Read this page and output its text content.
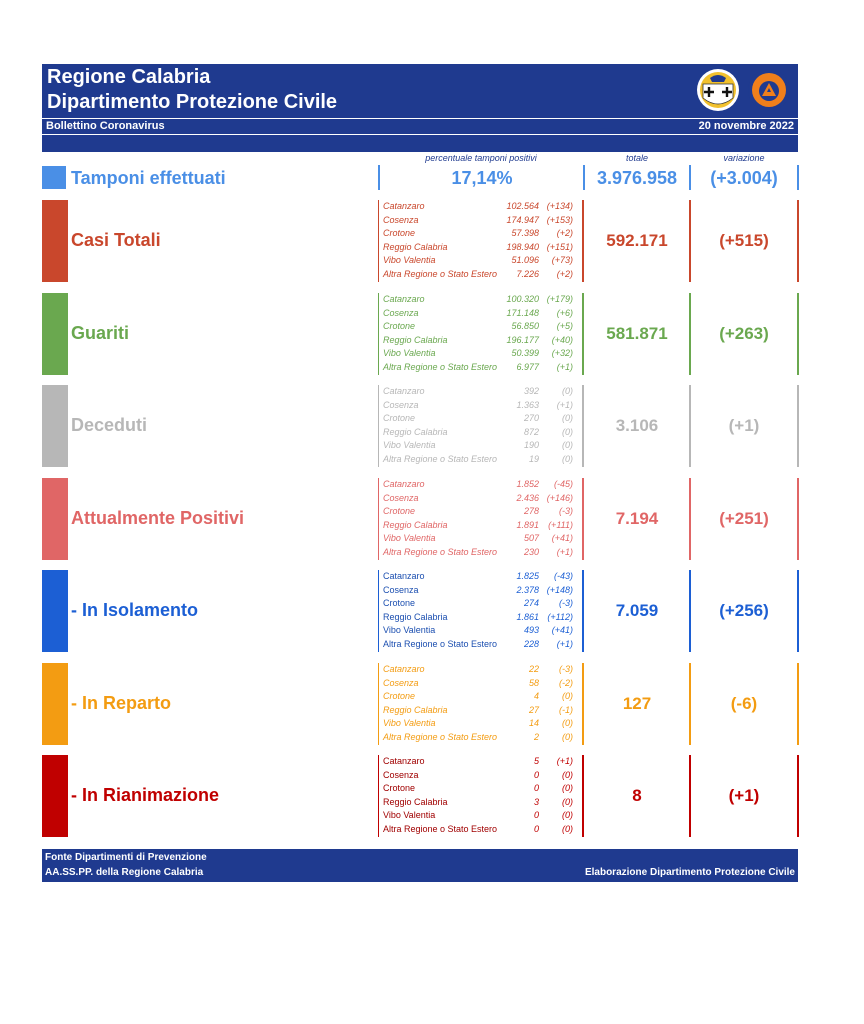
Regione Calabria
Dipartimento Protezione Civile
Bollettino Coronavirus	20 novembre 2022
percentuale tamponi positivi	totale	variazione
Tamponi effettuati	17,14%	3.976.958	(+3.004)
Casi Totali
Catanzaro	102.564 (+134)
Cosenza	174.947 (+153)
Crotone	57.398 (+2)
Reggio Calabria	198.940 (+151)
Vibo Valentia	51.096 (+73)
Altra Regione o Stato Estero 7.226 (+2)
592.171	(+515)
Guariti
Catanzaro	100.320 (+179)
Cosenza	171.148 (+6)
Crotone	56.850 (+5)
Reggio Calabria	196.177 (+40)
Vibo Valentia	50.399 (+32)
Altra Regione o Stato Estero 6.977 (+1)
581.871	(+263)
Deceduti
Catanzaro	392	(0)
Cosenza	1.363 (+1)
Crotone	270	(0)
Reggio Calabria	872	(0)
Vibo Valentia	190	(0)
Altra Regione o Stato Estero	19	(0)
3.106	(+1)
Attualmente Positivi
Catanzaro	1.852 (-45)
Cosenza	2.436 (+146)
Crotone	278 (-3)
Reggio Calabria	1.891 (+111)
Vibo Valentia	507 (+41)
Altra Regione o Stato Estero	230 (+1)
7.194	(+251)
- In Isolamento
Catanzaro	1.825 (-43)
Cosenza	2.378 (+148)
Crotone	274 (-3)
Reggio Calabria	1.861 (+112)
Vibo Valentia	493 (+41)
Altra Regione o Stato Estero	228 (+1)
7.059	(+256)
- In Reparto
Catanzaro	22 (-3)
Cosenza	58 (-2)
Crotone	4	(0)
Reggio Calabria	27 (-1)
Vibo Valentia	14	(0)
Altra Regione o Stato Estero	2	(0)
127	(-6)
- In Rianimazione
Catanzaro	5 (+1)
Cosenza	0	(0)
Crotone	0	(0)
Reggio Calabria	3	(0)
Vibo Valentia	0	(0)
Altra Regione o Stato Estero	0	(0)
8	(+1)
Fonte Dipartimenti di Prevenzione
AA.SS.PP. della Regione Calabria	Elaborazione Dipartimento Protezione Civile
